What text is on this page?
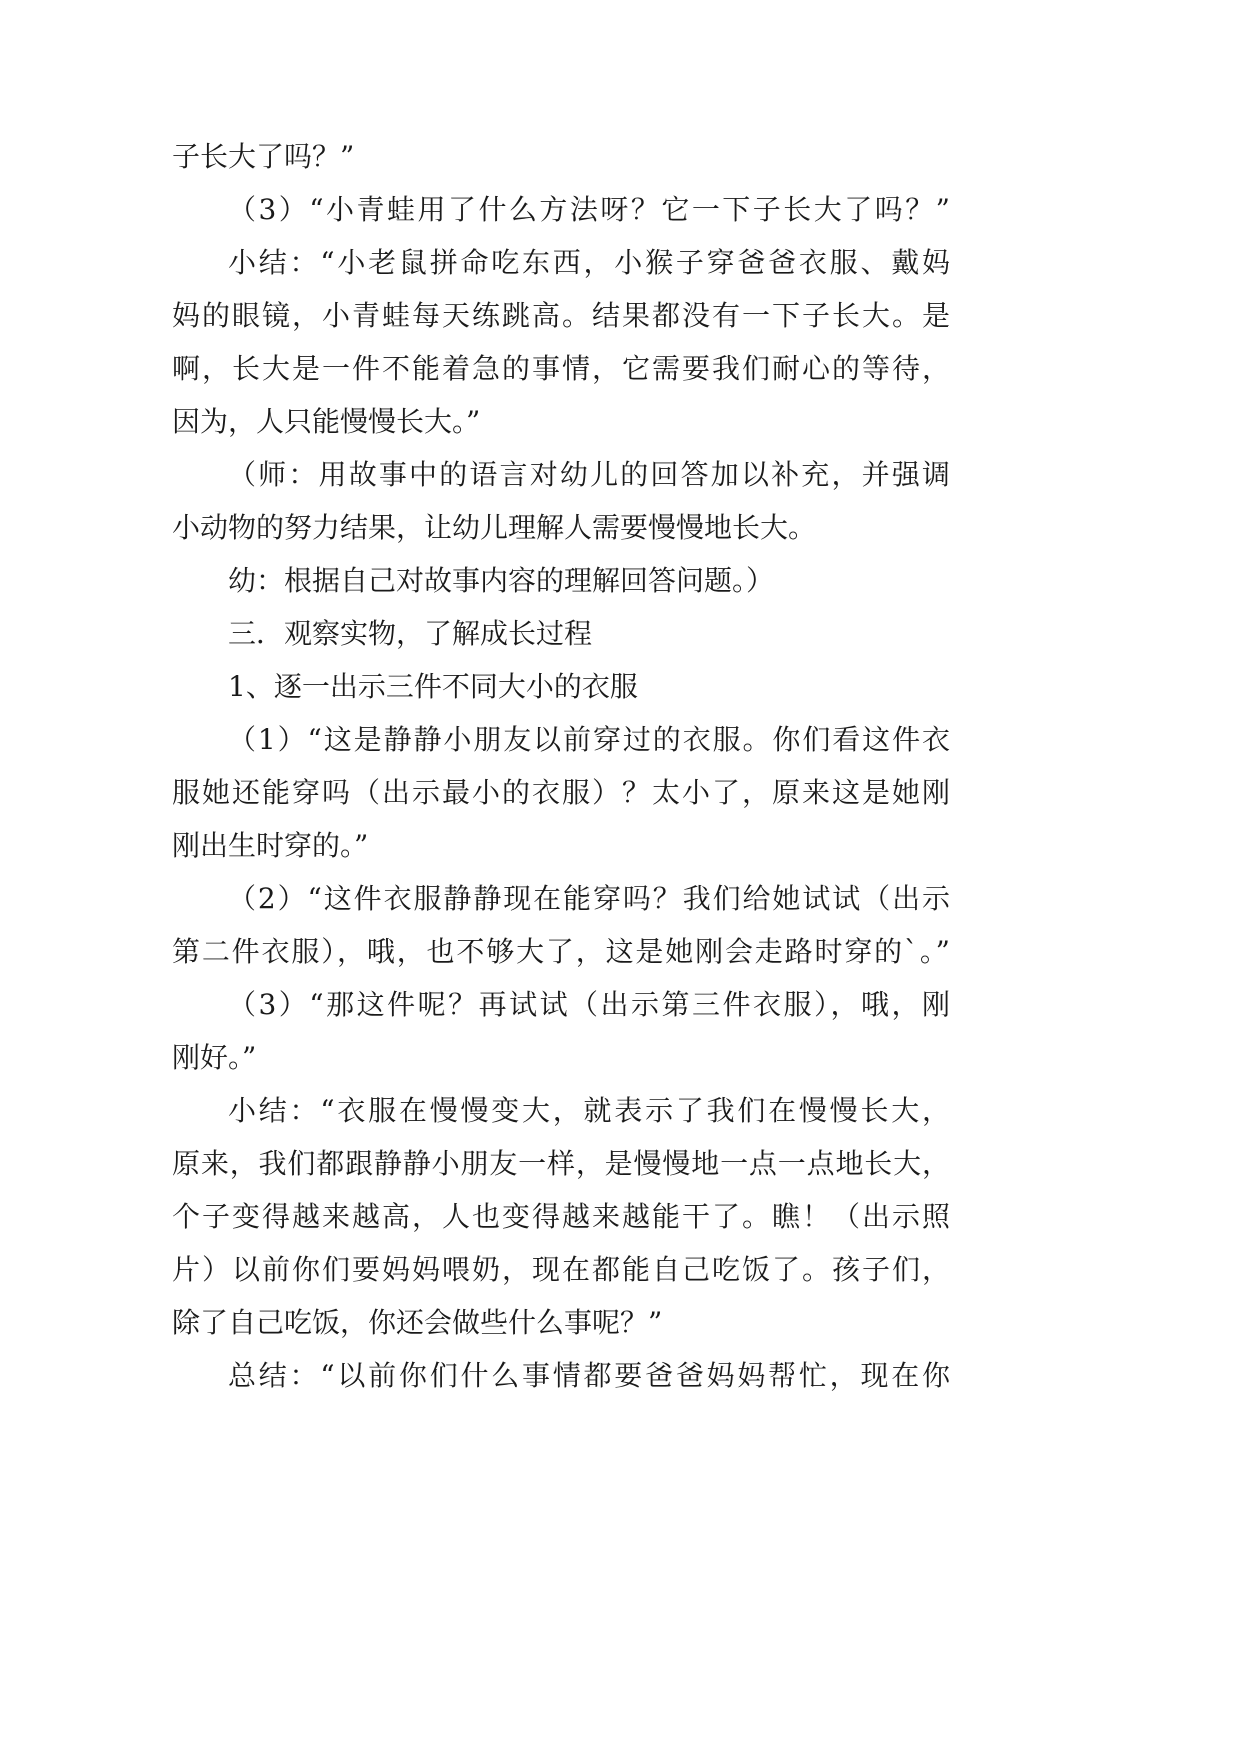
子长大了吗？”
（3）“小青蛙用了什么方法呀？它一下子长大了吗？”
小结：“小老鼠拼命吃东西，小猴子穿爸爸衣服、戴妈
妈的眼镜，小青蛙每天练跳高。结果都没有一下子长大。是
啊，长大是一件不能着急的事情，它需要我们耐心的等待，
因为，人只能慢慢长大。”
（师：用故事中的语言对幼儿的回答加以补充，并强调
小动物的努力结果，让幼儿理解人需要慢慢地长大。
幼：根据自己对故事内容的理解回答问题。）
三．观察实物，了解成长过程
1、逐一出示三件不同大小的衣服
（1）“这是静静小朋友以前穿过的衣服。你们看这件衣
服她还能穿吗（出示最小的衣服）？太小了，原来这是她刚
刚出生时穿的。”
（2）“这件衣服静静现在能穿吗？我们给她试试（出示
第二件衣服），哦，也不够大了，这是她刚会走路时穿的`。”
（3）“那这件呢？再试试（出示第三件衣服），哦，刚
刚好。”
小结：“衣服在慢慢变大，就表示了我们在慢慢长大，
原来，我们都跟静静小朋友一样，是慢慢地一点一点地长大，
个子变得越来越高，人也变得越来越能干了。瞧！（出示照
片）以前你们要妈妈喂奶，现在都能自己吃饭了。孩子们，
除了自己吃饭，你还会做些什么事呢？”
总结：“以前你们什么事情都要爸爸妈妈帮忙，现在你
